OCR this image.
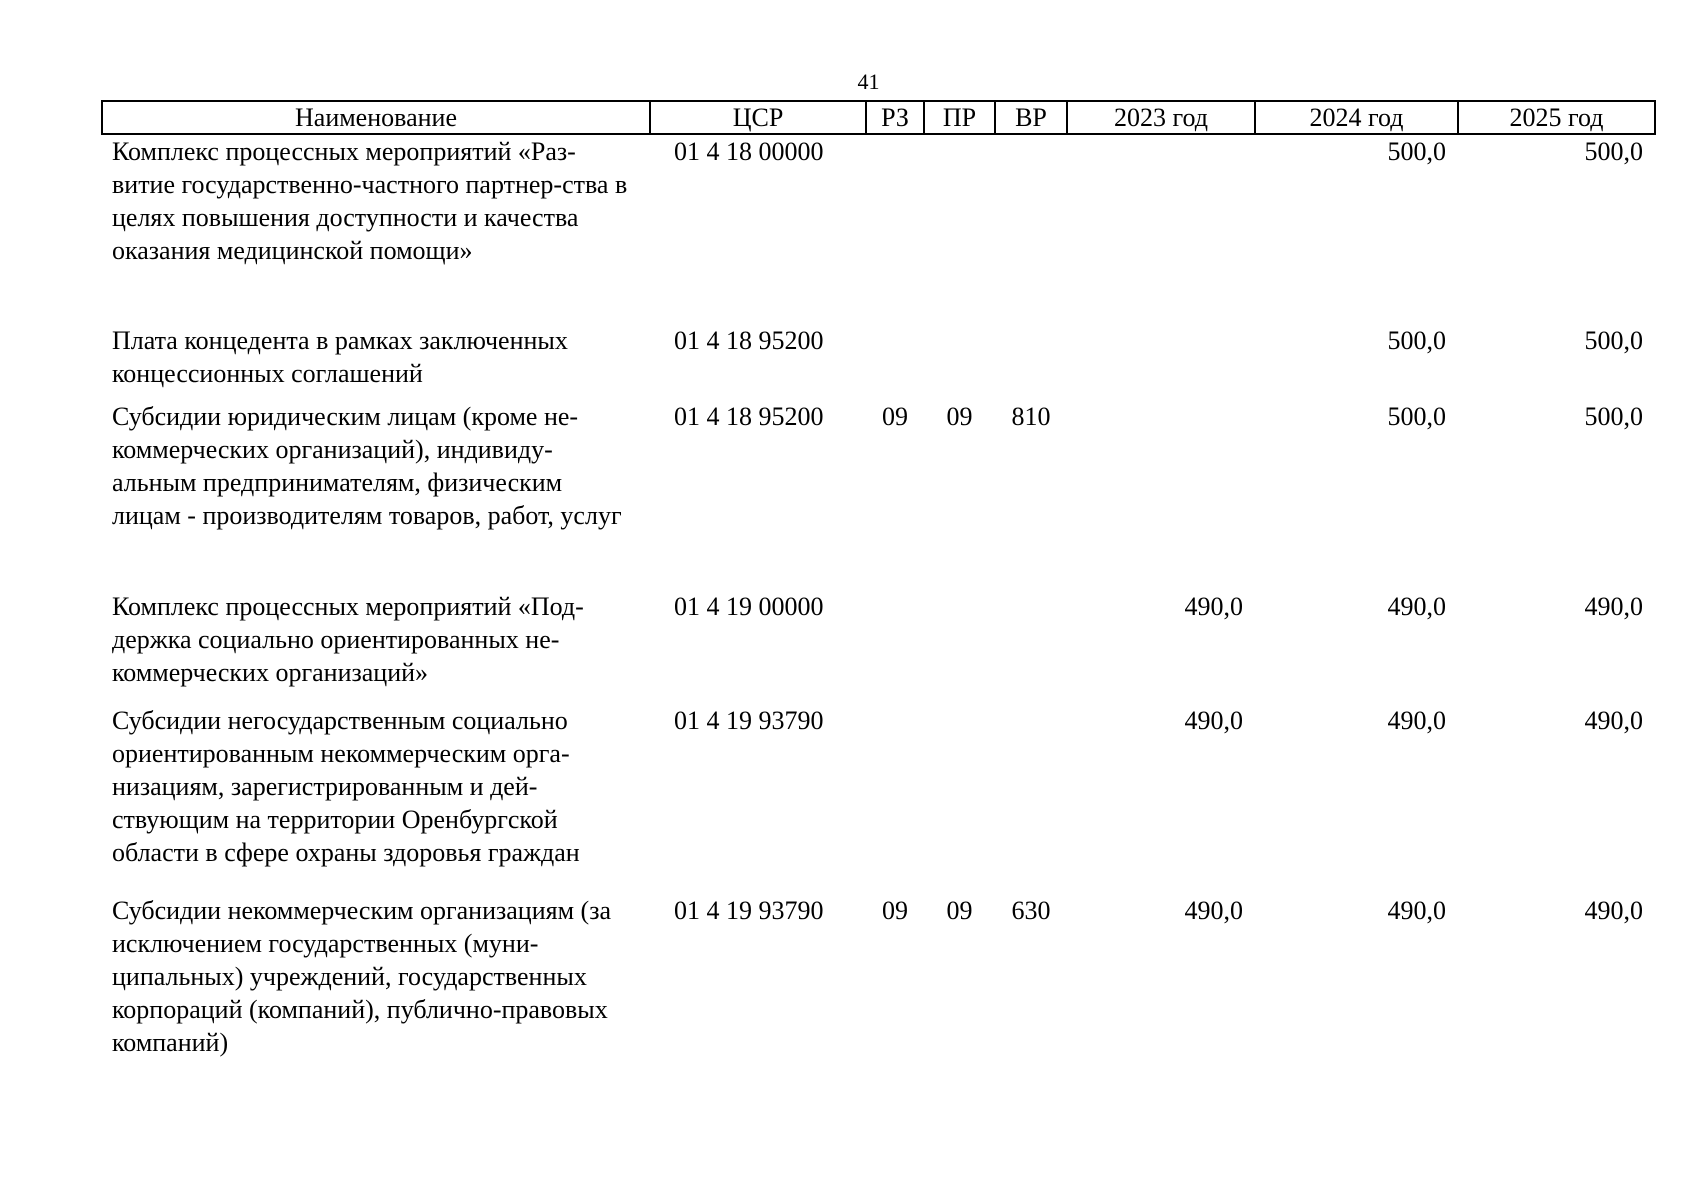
41
Наименование	ЦСР	РЗ	ПР	ВР	2023 год	2024 год	2025 год
Комплекс процессных мероприятий «Раз-витие государственно-частного партнер-ства в целях повышения доступности и качества оказания медицинской помощи»	01 4 18 00000					500,0	500,0
Плата концедента в рамках заключенных концессионных соглашений	01 4 18 95200					500,0	500,0
Субсидии юридическим лицам (кроме не-коммерческих организаций), индивиду-альным предпринимателям, физическим лицам - производителям товаров, работ, услуг	01 4 18 95200	09	09	810		500,0	500,0
Комплекс процессных мероприятий «Под-держка социально ориентированных не-коммерческих организаций»	01 4 19 00000				490,0	490,0	490,0
Субсидии негосударственным социально ориентированным некоммерческим орга-низациям, зарегистрированным и дей-ствующим на территории Оренбургской области в сфере охраны здоровья граждан	01 4 19 93790				490,0	490,0	490,0
Субсидии некоммерческим организациям (за исключением государственных (муни-ципальных) учреждений, государственных корпораций (компаний), публично-правовых компаний)	01 4 19 93790	09	09	630	490,0	490,0	490,0
